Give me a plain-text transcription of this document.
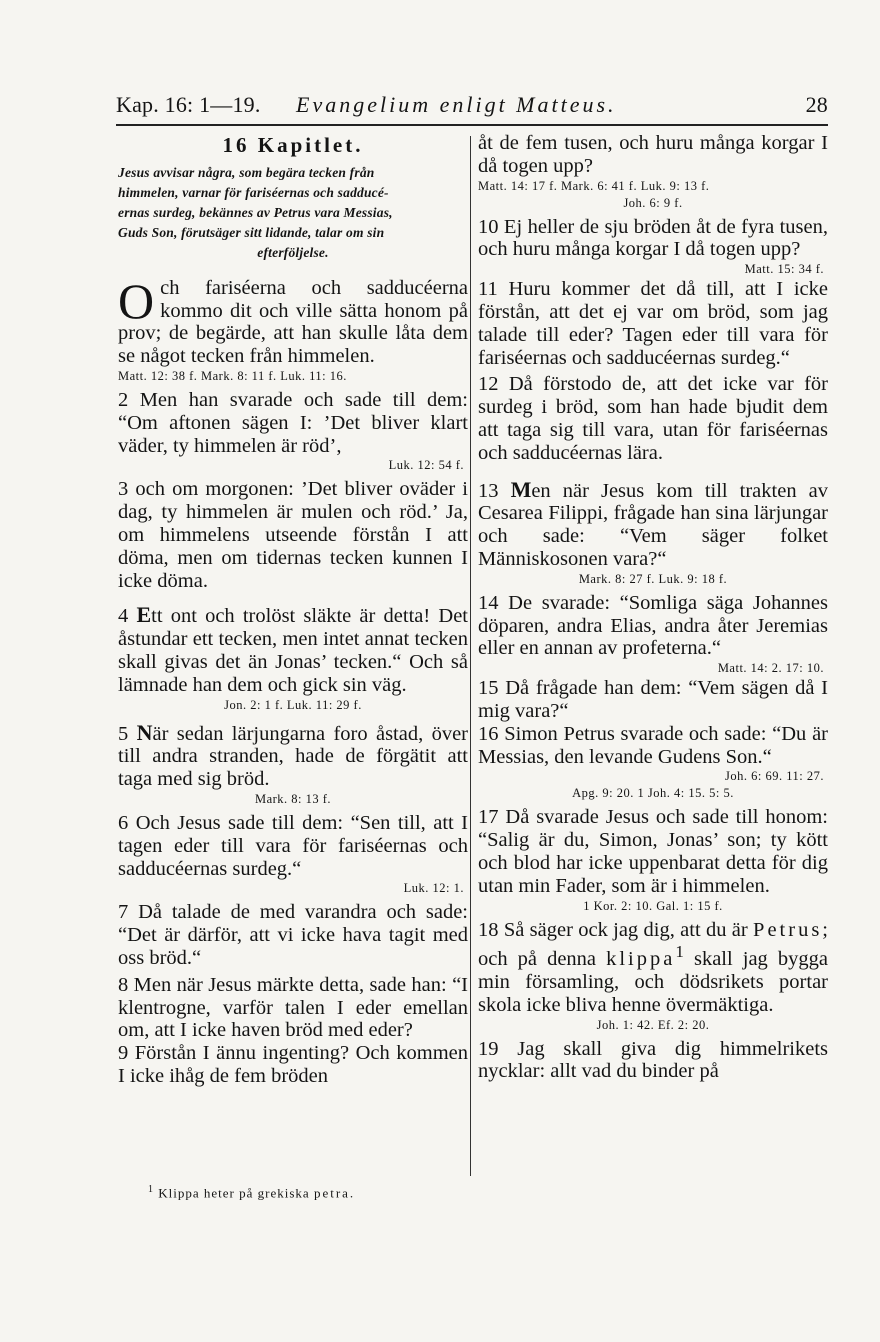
Kap. 16: 1—19. Evangelium enligt Matteus.	28
16 Kapitlet.
Jesus avvisar några, som begära tecken från
himmelen, varnar för fariséernas och sadducé-
ernas surdeg, bekännes av Petrus vara Messias,
Guds Son, förutsäger sitt lidande, talar om sin
efterföljelse.

Och fariséerna och sadducéerna kommo dit och ville sätta honom på prov; de begärde, att han skulle låta dem se något tecken från himmelen.

Matt. 12: 38 f. Mark. 8: 11 f. Luk. 11: 16.

2 Men han svarade och sade till dem: “Om aftonen sägen I: ’Det bliver klart väder, ty himmelen är röd’,

Luk. 12: 54 f.

3 och om morgonen: ’Det bliver oväder i dag, ty himmelen är mulen och röd.’ Ja, om himmelens utseende förstån I att döma, men om tidernas tecken kunnen I icke döma.

4 Ett ont och trolöst släkte är detta! Det åstundar ett tecken, men intet annat tecken skall givas det än Jonas’ tecken.“ Och så lämnade han dem och gick sin väg.

Jon. 2: 1 f. Luk. 11: 29 f.

5 När sedan lärjungarna foro åstad, över till andra stranden, hade de förgätit att taga med sig bröd.

Mark. 8: 13 f.

6 Och Jesus sade till dem: “Sen till, att I tagen eder till vara för fariséernas och sadducéernas surdeg.“

Luk. 12: 1.

7 Då talade de med varandra och sade: “Det är därför, att vi icke hava tagit med oss bröd.“

8 Men när Jesus märkte detta, sade han: “I klentrogne, varför talen I eder emellan om, att I icke haven bröd med eder?

9 Förstån I ännu ingenting? Och kommen I icke ihåg de fem bröden

åt de fem tusen, och huru många korgar I då togen upp?

Matt. 14: 17 f. Mark. 6: 41 f. Luk. 9: 13 f.
Joh. 6: 9 f.

10 Ej heller de sju bröden åt de fyra tusen, och huru många korgar I då togen upp?

Matt. 15: 34 f.

11 Huru kommer det då till, att I icke förstån, att det ej var om bröd, som jag talade till eder? Tagen eder till vara för fariséernas och sadducéernas surdeg.“

12 Då förstodo de, att det icke var för surdeg i bröd, som han hade bjudit dem att taga sig till vara, utan för fariséernas och sadducéernas lära.

13 Men när Jesus kom till trakten av Cesarea Filippi, frågade han sina lärjungar och sade: “Vem säger folket Människosonen vara?“

Mark. 8: 27 f. Luk. 9: 18 f.

14 De svarade: “Somliga säga Johannes döparen, andra Elias, andra åter Jeremias eller en annan av profeterna.“

Matt. 14: 2. 17: 10.

15 Då frågade han dem: “Vem sägen då I mig vara?“

16 Simon Petrus svarade och sade: “Du är Messias, den levande Gudens Son.“

Joh. 6: 69. 11: 27.
Apg. 9: 20. 1 Joh. 4: 15. 5: 5.

17 Då svarade Jesus och sade till honom: “Salig är du, Simon, Jonas’ son; ty kött och blod har icke uppenbarat detta för dig utan min Fader, som är i himmelen.

1 Kor. 2: 10. Gal. 1: 15 f.

18 Så säger ock jag dig, att du är Petrus; och på denna klippa$^1$ skall jag bygga min församling, och dödsrikets portar skola icke bliva henne övermäktiga.

Joh. 1: 42. Ef. 2: 20.

19 Jag skall giva dig himmelrikets nycklar: allt vad du binder på

$^1$ Klippa heter på grekiska petra.
